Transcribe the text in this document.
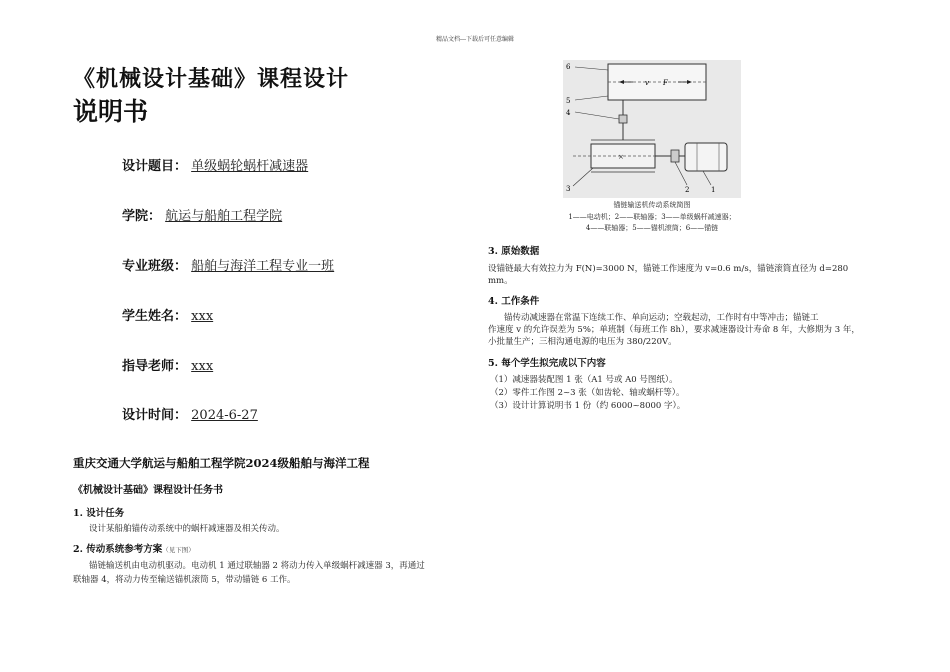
精品文档---下载后可任意编辑
《机械设计基础》课程设计
说明书
设计题目： 单级蜗轮蜗杆减速器
学院： 航运与船舶工程学院
专业班级： 船舶与海洋工程专业一班
学生姓名： xxx
指导老师： xxx
设计时间： 2024-6-27
重庆交通大学航运与船舶工程学院2024级船舶与海洋工程
《机械设计基础》课程设计任务书
1. 设计任务
设计某船舶锚传动系统中的蜗杆减速器及相关传动。
2. 传动系统参考方案（见下图）
锚链输送机由电动机驱动。电动机 1 通过联轴器 2 将动力传入单级蜗杆减速器 3，再通过
联轴器 4，将动力传至输送锚机滚筒 5，带动锚链 6 工作。
v F
×
6
5
4
3	2	1
锚链输送机传动系统简图
1——电动机；2——联轴器；3——单级蜗杆减速器；
4——联轴器；5——锚机滚筒；6——锚链
3. 原始数据
设锚链最大有效拉力为 F(N)=3000 N，锚链工作速度为 v=0.6 m/s，锚链滚筒直径为 d=280
mm。
4. 工作条件
锚传动减速器在常温下连续工作、单向运动；空载起动，工作时有中等冲击；锚链工
作速度 v 的允许误差为 5%；单班制（每班工作 8h），要求减速器设计寿命 8 年，大修期为 3 年，
小批量生产；三相沟通电源的电压为 380/220V。
5. 每个学生拟完成以下内容
（1）减速器装配图 1 张（A1 号或 A0 号图纸）。
（2）零件工作图 2~3 张（如齿轮、轴或蜗杆等）。
（3）设计计算说明书 1 份（约 6000~8000 字）。
